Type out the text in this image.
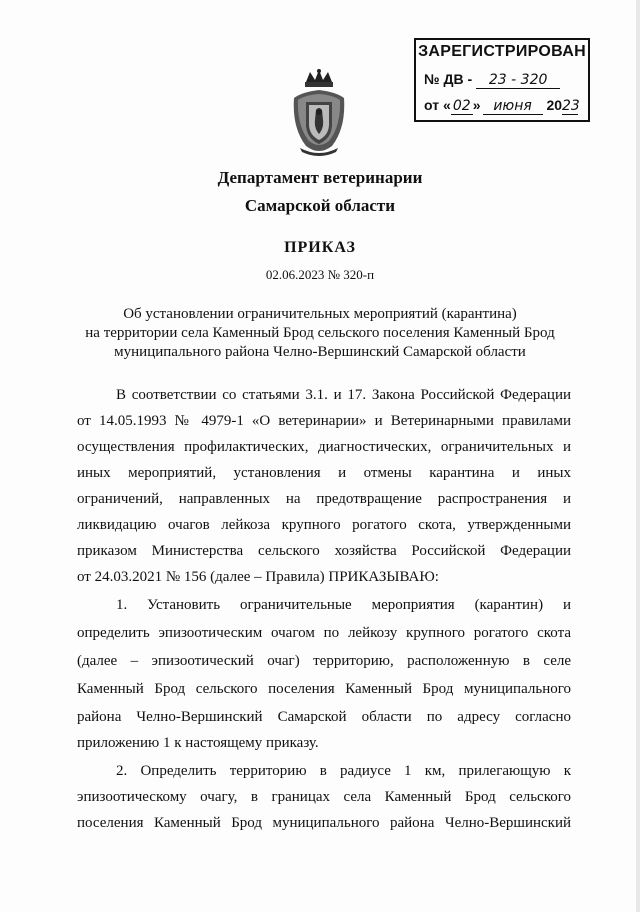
ЗАРЕГИСТРИРОВАН
№ ДВ - 23 - 320
от « 02 » июня 2023
Департамент ветеринарии
Самарской области
ПРИКАЗ
02.06.2023 № 320-п
Об установлении ограничительных мероприятий (карантина)
на территории села Каменный Брод сельского поселения Каменный Брод
муниципального района Челно-Вершинский Самарской области
В соответствии со статьями 3.1. и 17. Закона Российской Федерации
от 14.05.1993 № 4979-1 «О ветеринарии» и Ветеринарными правилами
осуществления профилактических, диагностических, ограничительных и
иных мероприятий, установления и отмены карантина и иных
ограничений, направленных на предотвращение распространения и
ликвидацию очагов лейкоза крупного рогатого скота, утвержденными
приказом Министерства сельского хозяйства Российской Федерации
от 24.03.2021 № 156 (далее – Правила) ПРИКАЗЫВАЮ:
1. Установить ограничительные мероприятия (карантин) и
определить эпизоотическим очагом по лейкозу крупного рогатого скота
(далее – эпизоотический очаг) территорию, расположенную в селе
Каменный Брод сельского поселения Каменный Брод муниципального
района Челно-Вершинский Самарской области по адресу согласно
приложению 1 к настоящему приказу.
2. Определить территорию в радиусе 1 км, прилегающую к
эпизоотическому очагу, в границах села Каменный Брод сельского
поселения Каменный Брод муниципального района Челно-Вершинский
